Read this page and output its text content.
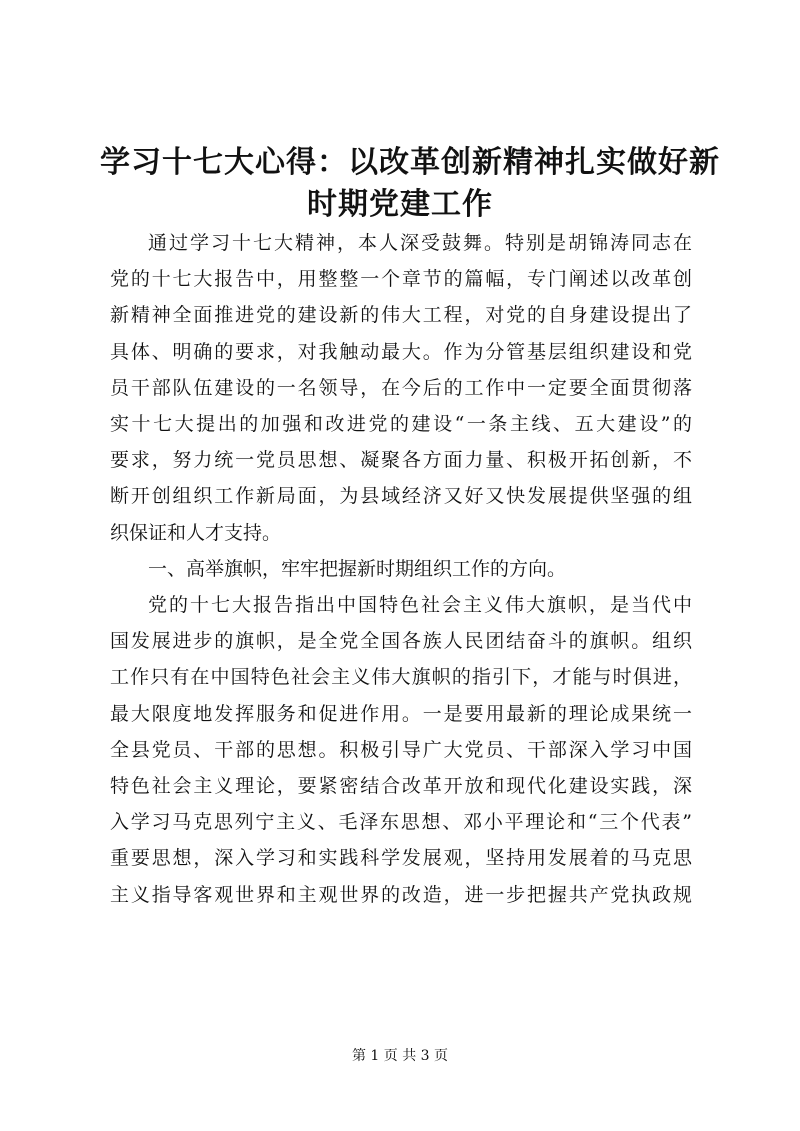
学习十七大心得：以改革创新精神扎实做好新
时期党建工作

通过学习十七大精神，本人深受鼓舞。特别是胡锦涛同志在
党的十七大报告中，用整整一个章节的篇幅，专门阐述以改革创
新精神全面推进党的建设新的伟大工程，对党的自身建设提出了
具体、明确的要求，对我触动最大。作为分管基层组织建设和党
员干部队伍建设的一名领导，在今后的工作中一定要全面贯彻落
实十七大提出的加强和改进党的建设“一条主线、五大建设”的
要求，努力统一党员思想、凝聚各方面力量、积极开拓创新，不
断开创组织工作新局面，为县域经济又好又快发展提供坚强的组
织保证和人才支持。

一、高举旗帜，牢牢把握新时期组织工作的方向。

党的十七大报告指出中国特色社会主义伟大旗帜，是当代中
国发展进步的旗帜，是全党全国各族人民团结奋斗的旗帜。组织
工作只有在中国特色社会主义伟大旗帜的指引下，才能与时俱进，
最大限度地发挥服务和促进作用。一是要用最新的理论成果统一
全县党员、干部的思想。积极引导广大党员、干部深入学习中国
特色社会主义理论，要紧密结合改革开放和现代化建设实践，深
入学习马克思列宁主义、毛泽东思想、邓小平理论和“三个代表”
重要思想，深入学习和实践科学发展观，坚持用发展着的马克思
主义指导客观世界和主观世界的改造，进一步把握共产党执政规

第 1 页 共 3 页
